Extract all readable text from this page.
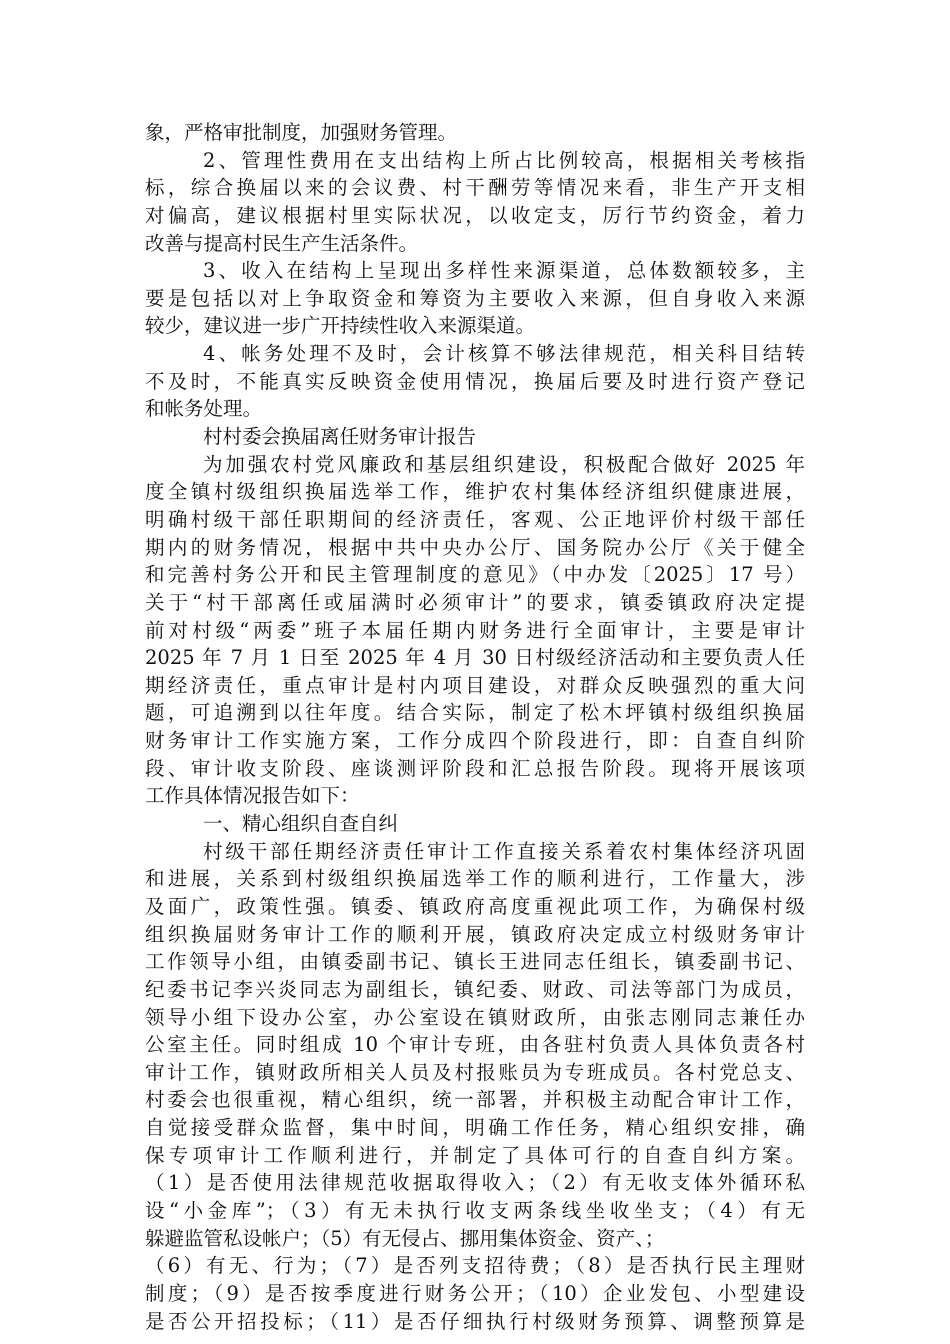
象，严格审批制度，加强财务管理。
2、管理性费用在支出结构上所占比例较高，根据相关考核指
标，综合换届以来的会议费、村干酬劳等情况来看，非生产开支相
对偏高，建议根据村里实际状况，以收定支，厉行节约资金，着力
改善与提高村民生产生活条件。
3、收入在结构上呈现出多样性来源渠道，总体数额较多，主
要是包括以对上争取资金和筹资为主要收入来源，但自身收入来源
较少，建议进一步广开持续性收入来源渠道。
4、帐务处理不及时，会计核算不够法律规范，相关科目结转
不及时，不能真实反映资金使用情况，换届后要及时进行资产登记
和帐务处理。
村村委会换届离任财务审计报告
为加强农村党风廉政和基层组织建设，积极配合做好 2025 年
度全镇村级组织换届选举工作，维护农村集体经济组织健康进展，
明确村级干部任职期间的经济责任，客观、公正地评价村级干部任
期内的财务情况，根据中共中央办公厅、国务院办公厅《关于健全
和完善村务公开和民主管理制度的意见》（中办发〔2025〕17 号）
关于“村干部离任或届满时必须审计”的要求，镇委镇政府决定提
前对村级“两委”班子本届任期内财务进行全面审计，主要是审计
2025 年 7 月 1 日至 2025 年 4 月 30 日村级经济活动和主要负责人任
期经济责任，重点审计是村内项目建设，对群众反映强烈的重大问
题，可追溯到以往年度。结合实际，制定了松木坪镇村级组织换届
财务审计工作实施方案，工作分成四个阶段进行，即：自查自纠阶
段、审计收支阶段、座谈测评阶段和汇总报告阶段。现将开展该项
工作具体情况报告如下：
一、精心组织自查自纠
村级干部任期经济责任审计工作直接关系着农村集体经济巩固
和进展，关系到村级组织换届选举工作的顺利进行，工作量大，涉
及面广，政策性强。镇委、镇政府高度重视此项工作，为确保村级
组织换届财务审计工作的顺利开展，镇政府决定成立村级财务审计
工作领导小组，由镇委副书记、镇长王进同志任组长，镇委副书记、
纪委书记李兴炎同志为副组长，镇纪委、财政、司法等部门为成员，
领导小组下设办公室，办公室设在镇财政所，由张志刚同志兼任办
公室主任。同时组成 10 个审计专班，由各驻村负责人具体负责各村
审计工作，镇财政所相关人员及村报账员为专班成员。各村党总支、
村委会也很重视，精心组织，统一部署，并积极主动配合审计工作，
自觉接受群众监督，集中时间，明确工作任务，精心组织安排，确
保专项审计工作顺利进行，并制定了具体可行的自查自纠方案。
（1）是否使用法律规范收据取得收入；（2）有无收支体外循环私
设“小金库”；（3）有无未执行收支两条线坐收坐支；（4）有无
躲避监管私设帐户；（5）有无侵占、挪用集体资金、资产、；
（6）有无、行为；（7）是否列支招待费；（8）是否执行民主理财
制度；（9）是否按季度进行财务公开；（10）企业发包、小型建设
是否公开招投标；（11）是否仔细执行村级财务预算、调整预算是
